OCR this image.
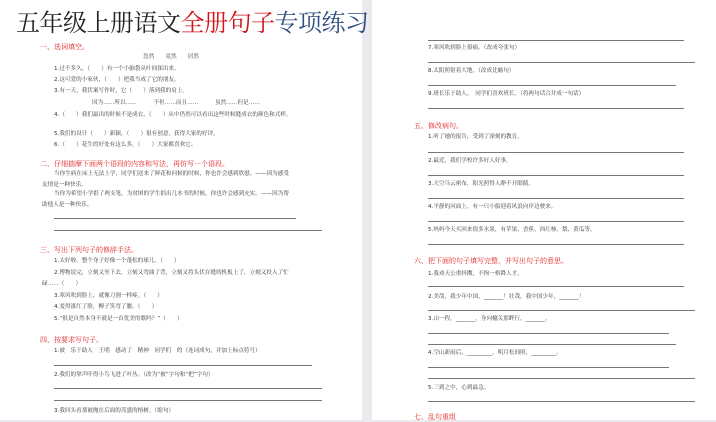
五年级上册语文全册句子专项练习
一、选词填空。
忽然　　竟然　　居然
1.过不多久，（　　）有一个小脑袋从叶间探出来。
2.这可爱的小家伙，（　　）把我当成了它的朋友。
3.有一天，我伏案写作时，它（　　）落到我的肩上。
因为……所以……　　　不但……而且……　　　虽然……但是……
4.（　　）我们最出的时候不是成衣，（　　）从中仍然可以看出这些时候缝成衣的颜色和式样。
5.我们的设计（　　）新颖，（　　）很有创意，获得大家的好评。
6.（　　）花生的好处有这么多，（　　）大家都喜欢它。
二、仔细揣摩下面两个语段的内容和写法，再仿写一个语段。
当你生病在床上无法上学，同学们送来了鲜花和问候的时候，你也许会感到欣慰。——因为感受
友情是一种快乐。
当你为希望小学捐了两支笔，为贫困的学生捐出几本书的时候，你也许会感到充实。——因为帮
助他人是一种快乐。
三、写出下列句子的修辞手法。
1.太好啦，整个身子好像一个蓬松的球儿。（　　）
2.博物说完，立刻又坐下去，立刻又弯曲了背，立刻又将头伏在缝纫机板上了，立刻又投入了忙
碌……（　　）
3.寒风吹到脸上，就像刀割一样疼。（　　）
4.羞得涨红了脸，柳子笑弯了腰。（　　）
5.“很是自然本身不就是一首优美的歌吗？”（　　）
四、按要求写句子。
1.被　乐于助人　王明　感动了　精神　同学们　的（连词成句，并加上标点符号）
2.我们的掌声吓得小鸟飞进了叶丛。（改为“被”字句和“把”字句）
3.我回头看那被抛在后面的茂盛的榕树。（缩句）
7.寒风吹到脸上很痛。（改成夸张句）
8.太阳照射着大地。（改成比喻句）
9.班长乐于助人。　同学们喜欢班长。（将两句话合并成一句话）
五、修改病句。
1.听了她的报告，受到了深刻的教育。
2.最近，我们学校许多好人好事。
3.天空乌云密布，阳光照得人睁不开眼睛。
4.平静的河面上，有一只小船迎着风浪向岸边驶来。
5.妈妈今天买回来很多水果，有苹果、香蕉、西红柿、梨、黄瓜等。
六、把下面的句子填写完整，并写出句子的意思。
1.我劝天公重抖擞，不拘一格降人才。
2.美哉，我少年中国，_______！壮哉，我中国少年，_______！
3.山一程，_______，身向榆关那畔行，_______。
4.空山新雨后，_________，明月松间照，_________。
5.三到之中，心到最急。
七、乱句重组
